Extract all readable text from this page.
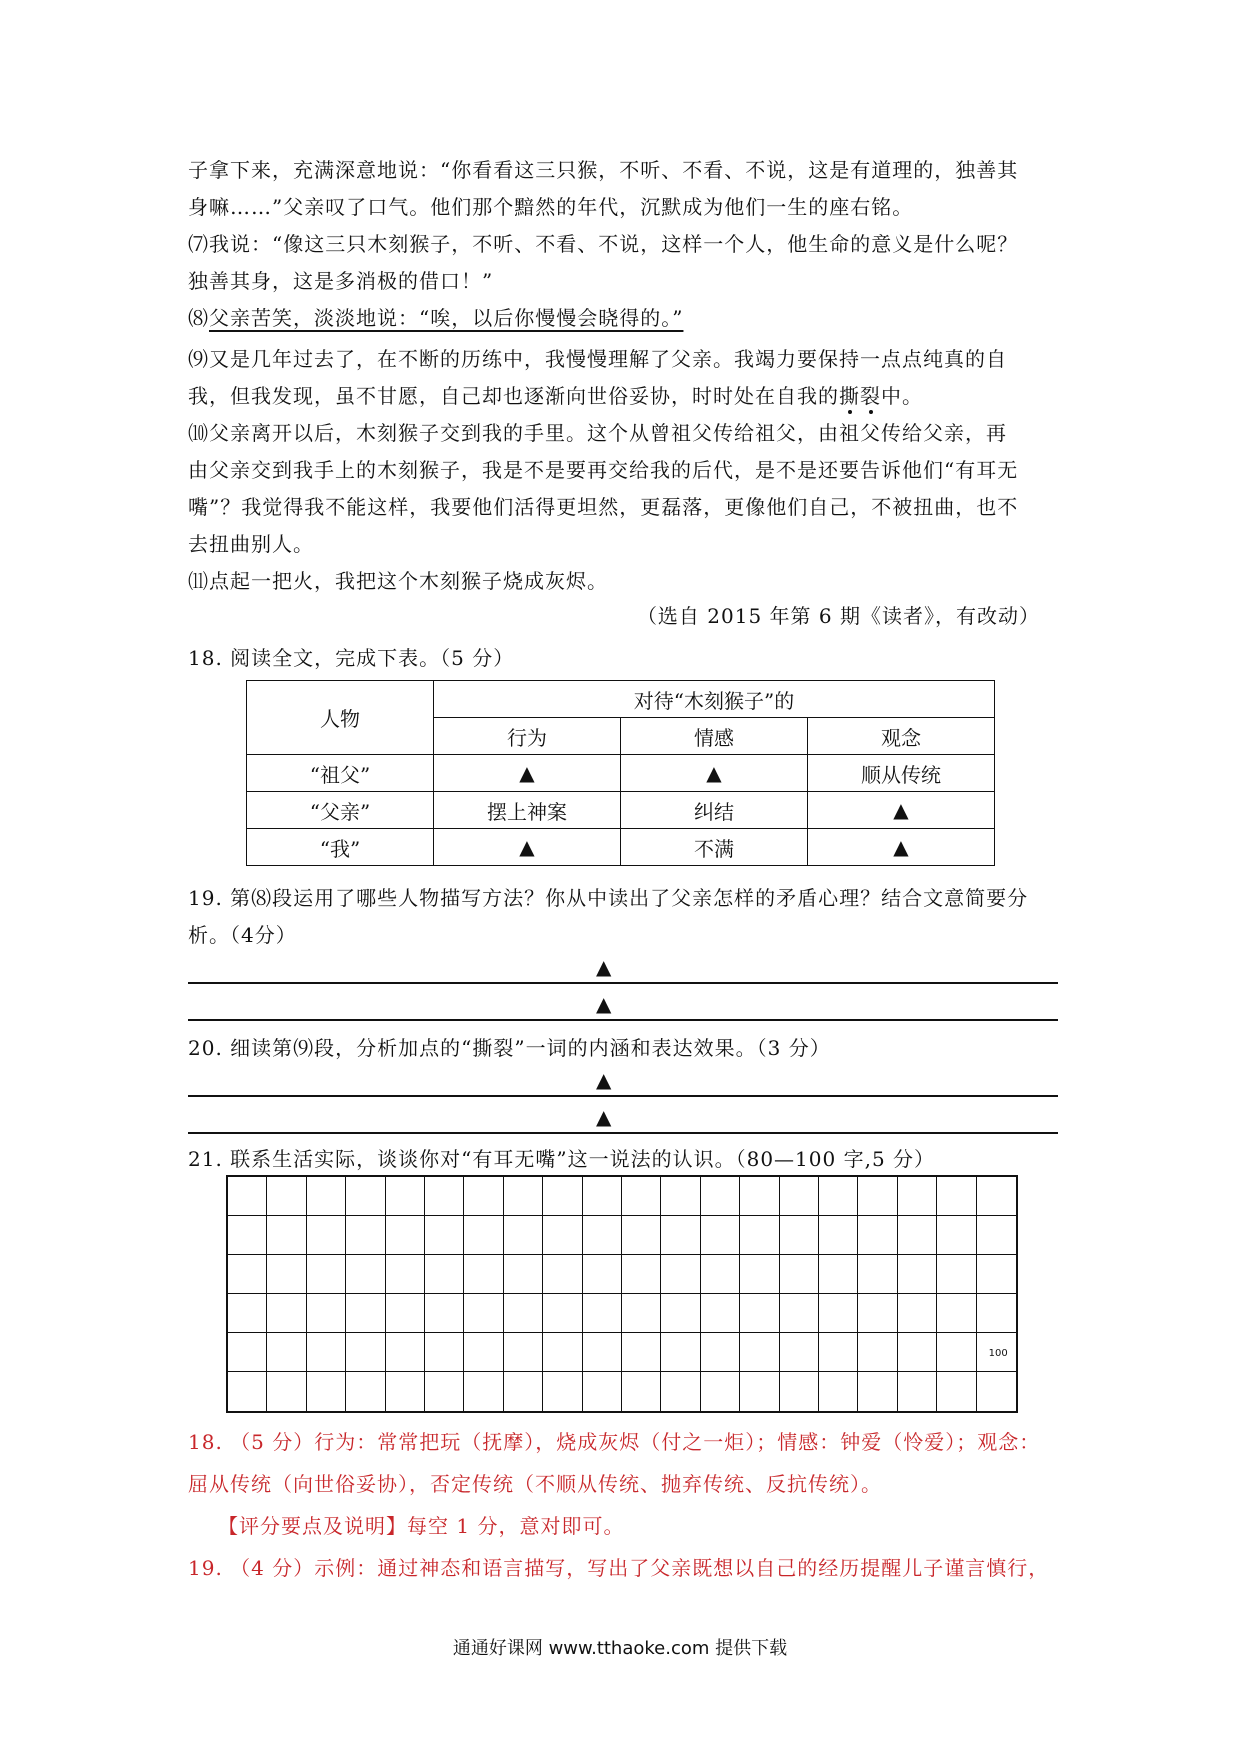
子拿下来，充满深意地说：“你看看这三只猴，不听、不看、不说，这是有道理的，独善其
身嘛……”父亲叹了口气。他们那个黯然的年代，沉默成为他们一生的座右铭。
⑺我说：“像这三只木刻猴子，不听、不看、不说，这样一个人，他生命的意义是什么呢？
独善其身，这是多消极的借口！”
⑻父亲苦笑，淡淡地说：“唉，以后你慢慢会晓得的。”
⑼又是几年过去了，在不断的历练中，我慢慢理解了父亲。我竭力要保持一点点纯真的自
我，但我发现，虽不甘愿，自己却也逐渐向世俗妥协，时时处在自我的撕裂中。
⑽父亲离开以后，木刻猴子交到我的手里。这个从曾祖父传给祖父，由祖父传给父亲，再
由父亲交到我手上的木刻猴子，我是不是要再交给我的后代，是不是还要告诉他们“有耳无
嘴”？我觉得我不能这样，我要他们活得更坦然，更磊落，更像他们自己，不被扭曲，也不
去扭曲别人。
⑾点起一把火，我把这个木刻猴子烧成灰烬。
（选自 2015 年第 6 期《读者》，有改动）
18. 阅读全文，完成下表。（5 分）
人物	对待“木刻猴子”的		
	行为	情感	观念
“祖父”	▲	▲	顺从传统
“父亲”	摆上神案	纠结	▲
“我”	▲	不满	▲
19. 第⑻段运用了哪些人物描写方法？你从中读出了父亲怎样的矛盾心理？结合文意简要分
析。（4分）
▲
▲
20. 细读第⑼段，分析加点的“撕裂”一词的内涵和表达效果。（3 分）
▲
▲
21. 联系生活实际，谈谈你对“有耳无嘴”这一说法的认识。（80—100 字,5 分）
100
18. （5 分）行为：常常把玩（抚摩），烧成灰烬（付之一炬）；情感：钟爱（怜爱）；观念：
屈从传统（向世俗妥协），否定传统（不顺从传统、抛弃传统、反抗传统）。
【评分要点及说明】每空 1 分，意对即可。
19. （4 分）示例：通过神态和语言描写，写出了父亲既想以自己的经历提醒儿子谨言慎行，
通通好课网 www.tthaoke.com 提供下载
